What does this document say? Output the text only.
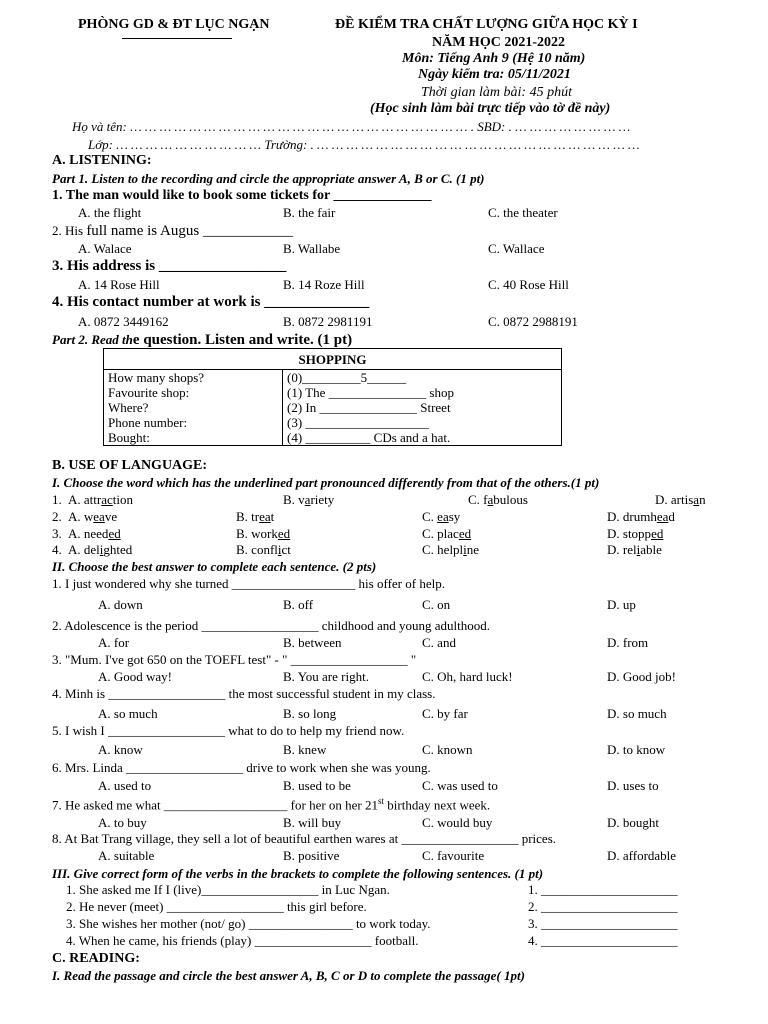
PHÒNG GD & ĐT LỤC NGẠN	ĐỀ KIỂM TRA CHẤT LƯỢNG GIỮA HỌC KỲ I
NĂM HỌC 2021-2022
Môn: Tiếng Anh 9 (Hệ 10 năm)
Ngày kiểm tra: 05/11/2021
Thời gian làm bài: 45 phút
(Học sinh làm bài trực tiếp vào tờ đề này)
Họ và tên: … … … … … … … … … … … … … … … … … … … … … … … . SBD: . … … … … … … … …
Lớp: … … … … … … … … … … Trường: . … … … … … … … … … … … … … … … … … … … … … …
A. LISTENING:
Part 1. Listen to the recording and circle the appropriate answer A, B or C. (1 pt)
1. The man would like to book some tickets for ______________
A. the flight	B. the fair	C. the theater
2. His full name is Augus ____________
A. Walace	B. Wallabe	C. Wallace
3. His address is _________________
A. 14 Rose Hill	B. 14 Roze Hill	C. 40 Rose Hill
4. His contact number at work is ______________
A. 0872 3449162	B. 0872 2981191	C. 0872 2988191
Part 2. Read the question. Listen and write. (1 pt)
SHOPPING	
How many shops?	(0)_________5______
Favourite shop:	(1) The _______________ shop
Where?	(2) In _______________ Street
Phone number:	(3) ___________________
Bought:	(4) __________ CDs and a hat.
B. USE OF LANGUAGE:
I. Choose the word which has the underlined part pronounced differently from that of the others.(1 pt)
1. A. attraction	B. variety	C. fabulous	D. artisan
2. A. weave	B. treat	C. easy	D. drumhead
3. A. needed	B. worked	C. placed	D. stopped
4. A. delighted	B. conflict	C. helpline	D. reliable
II. Choose the best answer to complete each sentence. (2 pts)
1. I just wondered why she turned ___________________ his offer of help.
A. down	B. off	C. on	D. up
2. Adolescence is the period __________________ childhood and young adulthood.
A. for	B. between	C. and	D. from
3. "Mum. I've got 650 on the TOEFL test" - " __________________ "
A. Good way!	B. You are right.	C. Oh, hard luck!	D. Good job!
4. Minh is __________________ the most successful student in my class.
A. so much	B. so long	C. by far	D. so much
5. I wish I __________________ what to do to help my friend now.
A. know	B. knew	C. known	D. to know
6. Mrs. Linda __________________ drive to work when she was young.
A. used to	B. used to be	C. was used to	D. uses to
7. He asked me what ___________________ for her on her 21st birthday next week.
A. to buy	B. will buy	C. would buy	D. bought
8. At Bat Trang village, they sell a lot of beautiful earthen wares at __________________ prices.
A. suitable	B. positive	C. favourite	D. affordable
III. Give correct form of the verbs in the brackets to complete the following sentences. (1 pt)
1. She asked me If I (live)__________________ in Luc Ngan.	1. _____________________
2. He never (meet) __________________ this girl before.	2. _____________________
3. She wishes her mother (not/ go) ________________ to work today.	3. _____________________
4. When he came, his friends (play) __________________ football.	4. _____________________
C. READING:
I. Read the passage and circle the best answer A, B, C or D to complete the passage( 1pt)
